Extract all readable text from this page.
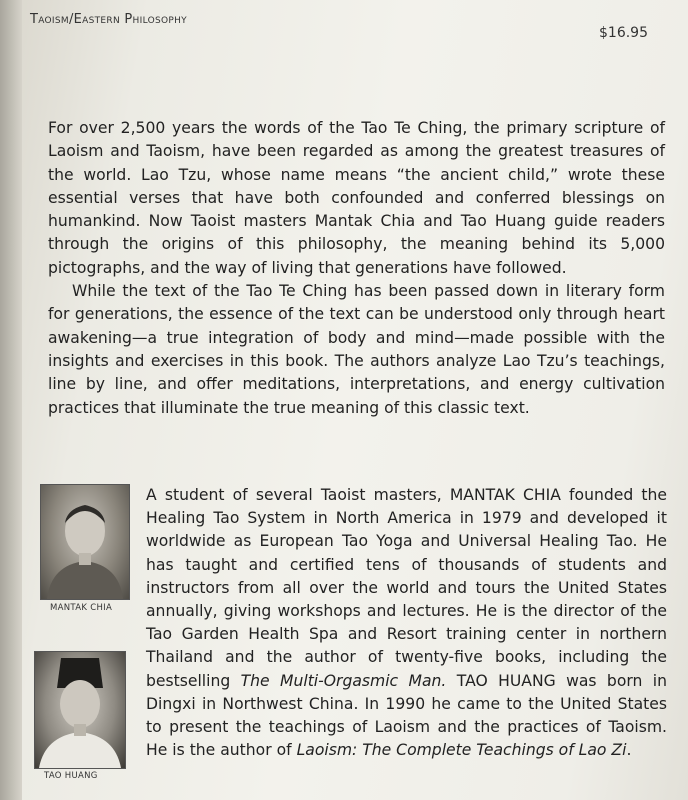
Taoism/Eastern Philosophy
$16.95

For over 2,500 years the words of the Tao Te Ching, the primary scripture of Laoism and Taoism, have been regarded as among the greatest treasures of the world. Lao Tzu, whose name means “the ancient child,” wrote these essential verses that have both confounded and conferred blessings on humankind. Now Taoist masters Mantak Chia and Tao Huang guide readers through the origins of this philosophy, the meaning behind its 5,000 pictographs, and the way of living that generations have followed.

While the text of the Tao Te Ching has been passed down in literary form for generations, the essence of the text can be understood only through heart awakening—a true integration of body and mind—made possible with the insights and exercises in this book. The authors analyze Lao Tzu’s teachings, line by line, and offer meditations, interpretations, and energy cultivation practices that illuminate the true meaning of this classic text.

MANTAK CHIA
TAO HUANG

A student of several Taoist masters, MANTAK CHIA founded the Healing Tao System in North America in 1979 and developed it worldwide as European Tao Yoga and Universal Healing Tao. He has taught and certified tens of thousands of students and instructors from all over the world and tours the United States annually, giving workshops and lectures. He is the director of the Tao Garden Health Spa and Resort training center in northern Thailand and the author of twenty-five books, including the bestselling The Multi-Orgasmic Man. TAO HUANG was born in Dingxi in Northwest China. In 1990 he came to the United States to present the teachings of Laoism and the practices of Taoism. He is the author of Laoism: The Complete Teachings of Lao Zi.
